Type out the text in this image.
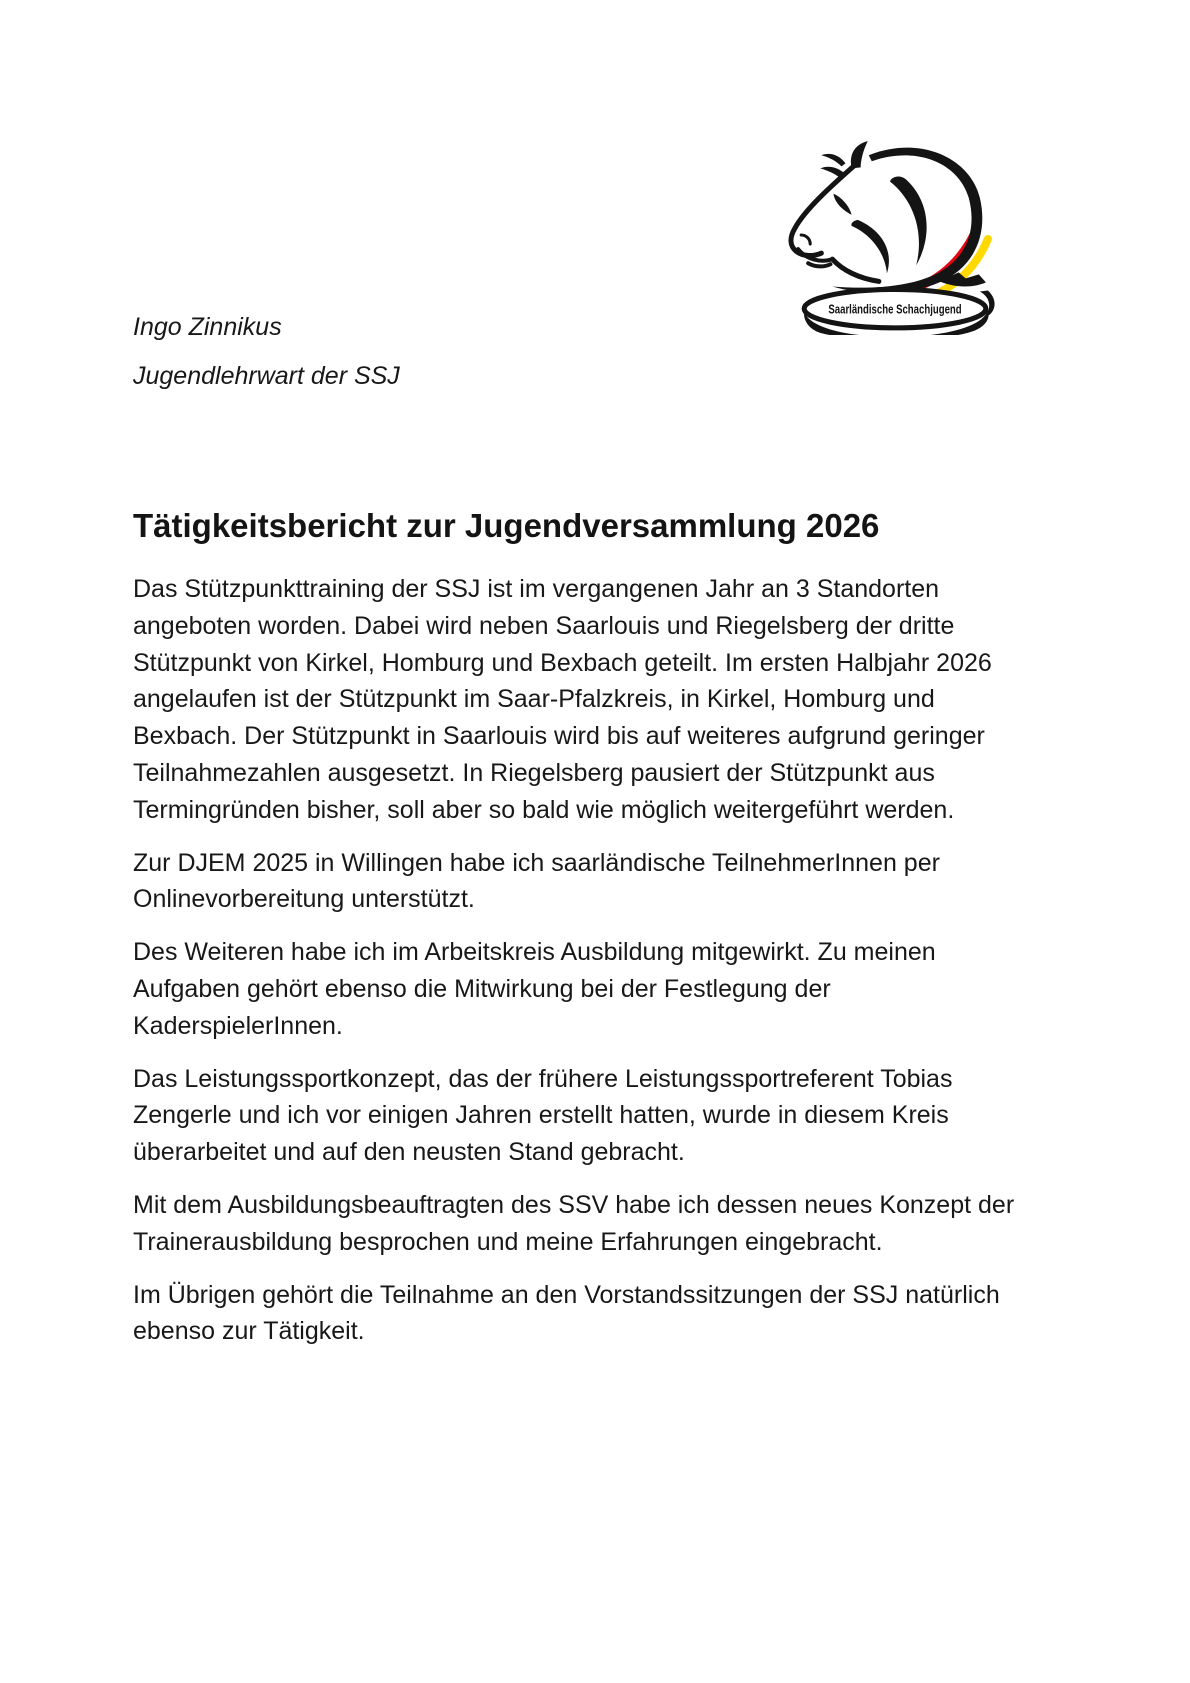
Saarländische Schachjugend

Ingo Zinnikus

Jugendlehrwart der SSJ

Tätigkeitsbericht zur Jugendversammlung 2026
Das Stützpunkttraining der SSJ ist im vergangenen Jahr an 3 Standorten
angeboten worden. Dabei wird neben Saarlouis und Riegelsberg der dritte
Stützpunkt von Kirkel, Homburg und Bexbach geteilt. Im ersten Halbjahr 2026
angelaufen ist der Stützpunkt im Saar-Pfalzkreis, in Kirkel, Homburg und
Bexbach. Der Stützpunkt in Saarlouis wird bis auf weiteres aufgrund geringer
Teilnahmezahlen ausgesetzt. In Riegelsberg pausiert der Stützpunkt aus
Termingründen bisher, soll aber so bald wie möglich weitergeführt werden.
Zur DJEM 2025 in Willingen habe ich saarländische TeilnehmerInnen per
Onlinevorbereitung unterstützt.
Des Weiteren habe ich im Arbeitskreis Ausbildung mitgewirkt. Zu meinen
Aufgaben gehört ebenso die Mitwirkung bei der Festlegung der
KaderspielerInnen.
Das Leistungssportkonzept, das der frühere Leistungssportreferent Tobias
Zengerle und ich vor einigen Jahren erstellt hatten, wurde in diesem Kreis
überarbeitet und auf den neusten Stand gebracht.
Mit dem Ausbildungsbeauftragten des SSV habe ich dessen neues Konzept der
Trainerausbildung besprochen und meine Erfahrungen eingebracht.
Im Übrigen gehört die Teilnahme an den Vorstandssitzungen der SSJ natürlich
ebenso zur Tätigkeit.
